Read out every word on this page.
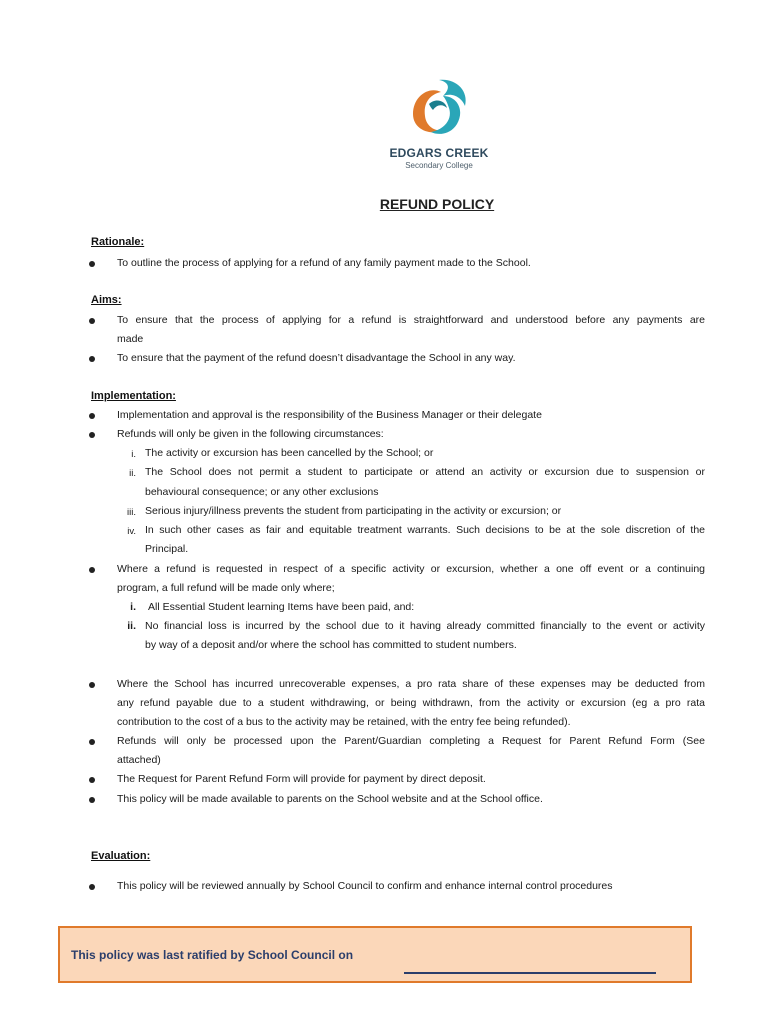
EDGARS CREEK
Secondary College
REFUND POLICY
Rationale:
To outline the process of applying for a refund of any family payment made to the School.
Aims:
To ensure that the process of applying for a refund is straightforward and understood before any payments are
made
To ensure that the payment of the refund doesn’t disadvantage the School in any way.
Implementation:
Implementation and approval is the responsibility of the Business Manager or their delegate
Refunds will only be given in the following circumstances:
i. The activity or excursion has been cancelled by the School; or
ii. The School does not permit a student to participate or attend an activity or excursion due to suspension or
behavioural consequence; or any other exclusions
iii. Serious injury/illness prevents the student from participating in the activity or excursion; or
iv. In such other cases as fair and equitable treatment warrants. Such decisions to be at the sole discretion of the
Principal.
Where a refund is requested in respect of a specific activity or excursion, whether a one off event or a continuing
program, a full refund will be made only where;
i. All Essential Student learning Items have been paid, and:
ii. No financial loss is incurred by the school due to it having already committed financially to the event or activity
by way of a deposit and/or where the school has committed to student numbers.
Where the School has incurred unrecoverable expenses, a pro rata share of these expenses may be deducted from
any refund payable due to a student withdrawing, or being withdrawn, from the activity or excursion (eg a pro rata
contribution to the cost of a bus to the activity may be retained, with the entry fee being refunded).
Refunds will only be processed upon the Parent/Guardian completing a Request for Parent Refund Form (See
attached)
The Request for Parent Refund Form will provide for payment by direct deposit.
This policy will be made available to parents on the School website and at the School office.
Evaluation:
This policy will be reviewed annually by School Council to confirm and enhance internal control procedures
This policy was last ratified by School Council on
